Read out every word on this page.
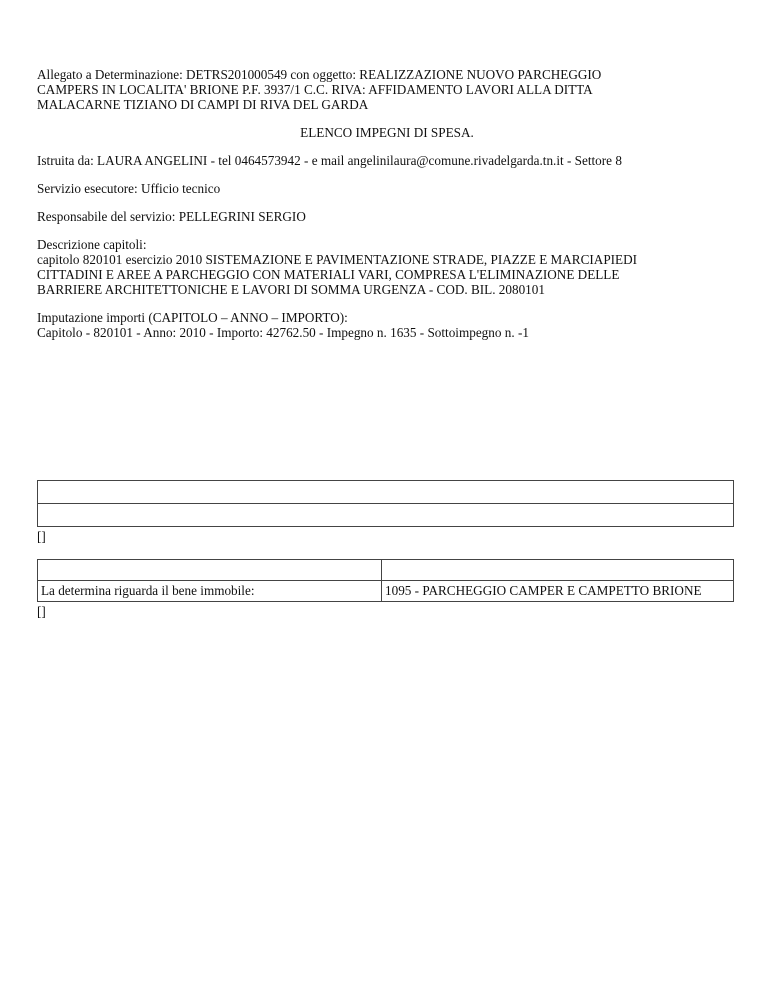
Allegato a Determinazione: DETRS201000549 con oggetto: REALIZZAZIONE NUOVO PARCHEGGIO
CAMPERS IN LOCALITA' BRIONE P.F. 3937/1 C.C. RIVA: AFFIDAMENTO LAVORI ALLA DITTA
MALACARNE TIZIANO DI CAMPI DI RIVA DEL GARDA

ELENCO IMPEGNI DI SPESA.

Istruita da: LAURA ANGELINI - tel 0464573942 - e mail angelinilaura@comune.rivadelgarda.tn.it - Settore 8

Servizio esecutore: Ufficio tecnico

Responsabile del servizio: PELLEGRINI SERGIO

Descrizione capitoli:
capitolo 820101 esercizio 2010 SISTEMAZIONE E PAVIMENTAZIONE STRADE, PIAZZE E MARCIAPIEDI
CITTADINI E AREE A PARCHEGGIO CON MATERIALI VARI, COMPRESA L'ELIMINAZIONE DELLE
BARRIERE ARCHITETTONICHE E LAVORI DI SOMMA URGENZA - COD. BIL. 2080101
Imputazione importi (CAPITOLO – ANNO – IMPORTO):
Capitolo - 820101 - Anno: 2010 - Importo: 42762.50 - Impegno n. 1635 - Sottoimpegno n. -1

[]

La determina riguarda il bene immobile:	1095 - PARCHEGGIO CAMPER E CAMPETTO BRIONE

[]
